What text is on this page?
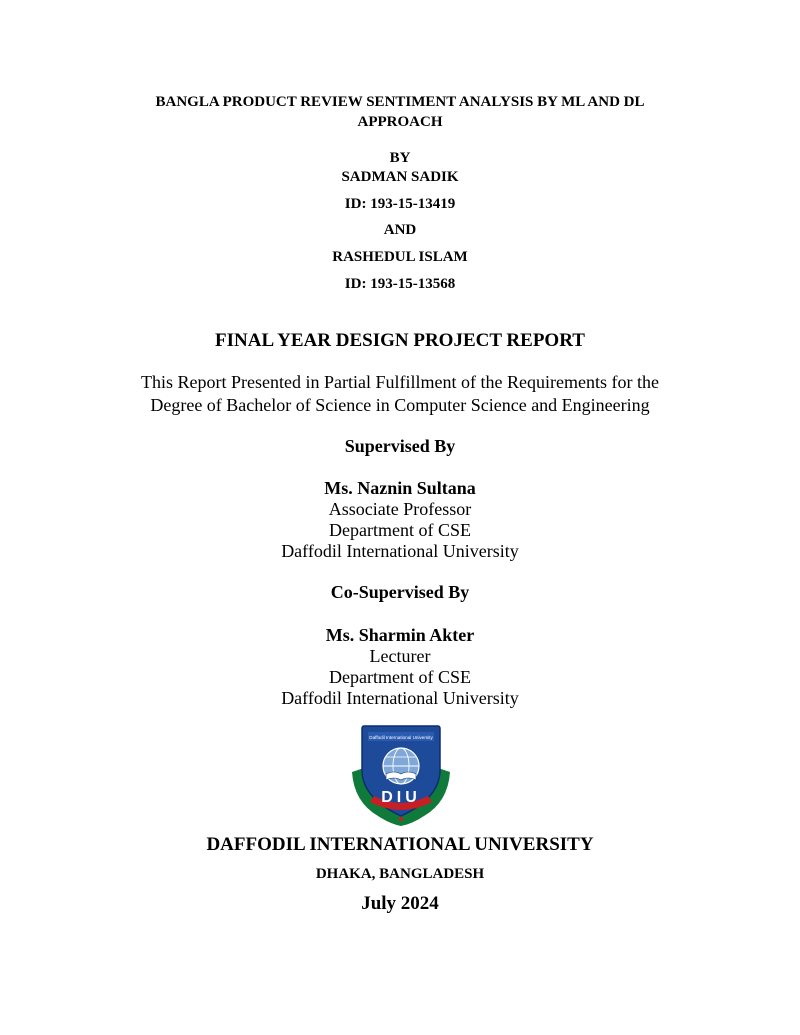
BANGLA PRODUCT REVIEW SENTIMENT ANALYSIS BY ML AND DL
APPROACH
BY
SADMAN SADIK
ID: 193-15-13419
AND
RASHEDUL ISLAM
ID: 193-15-13568
FINAL YEAR DESIGN PROJECT REPORT
This Report Presented in Partial Fulfillment of the Requirements for the
Degree of Bachelor of Science in Computer Science and Engineering
Supervised By
Ms. Naznin Sultana
Associate Professor
Department of CSE
Daffodil International University
Co-Supervised By
Ms. Sharmin Akter
Lecturer
Department of CSE
Daffodil International University
Daffodil International University
DIU
DAFFODIL INTERNATIONAL UNIVERSITY
DHAKA, BANGLADESH
July 2024
